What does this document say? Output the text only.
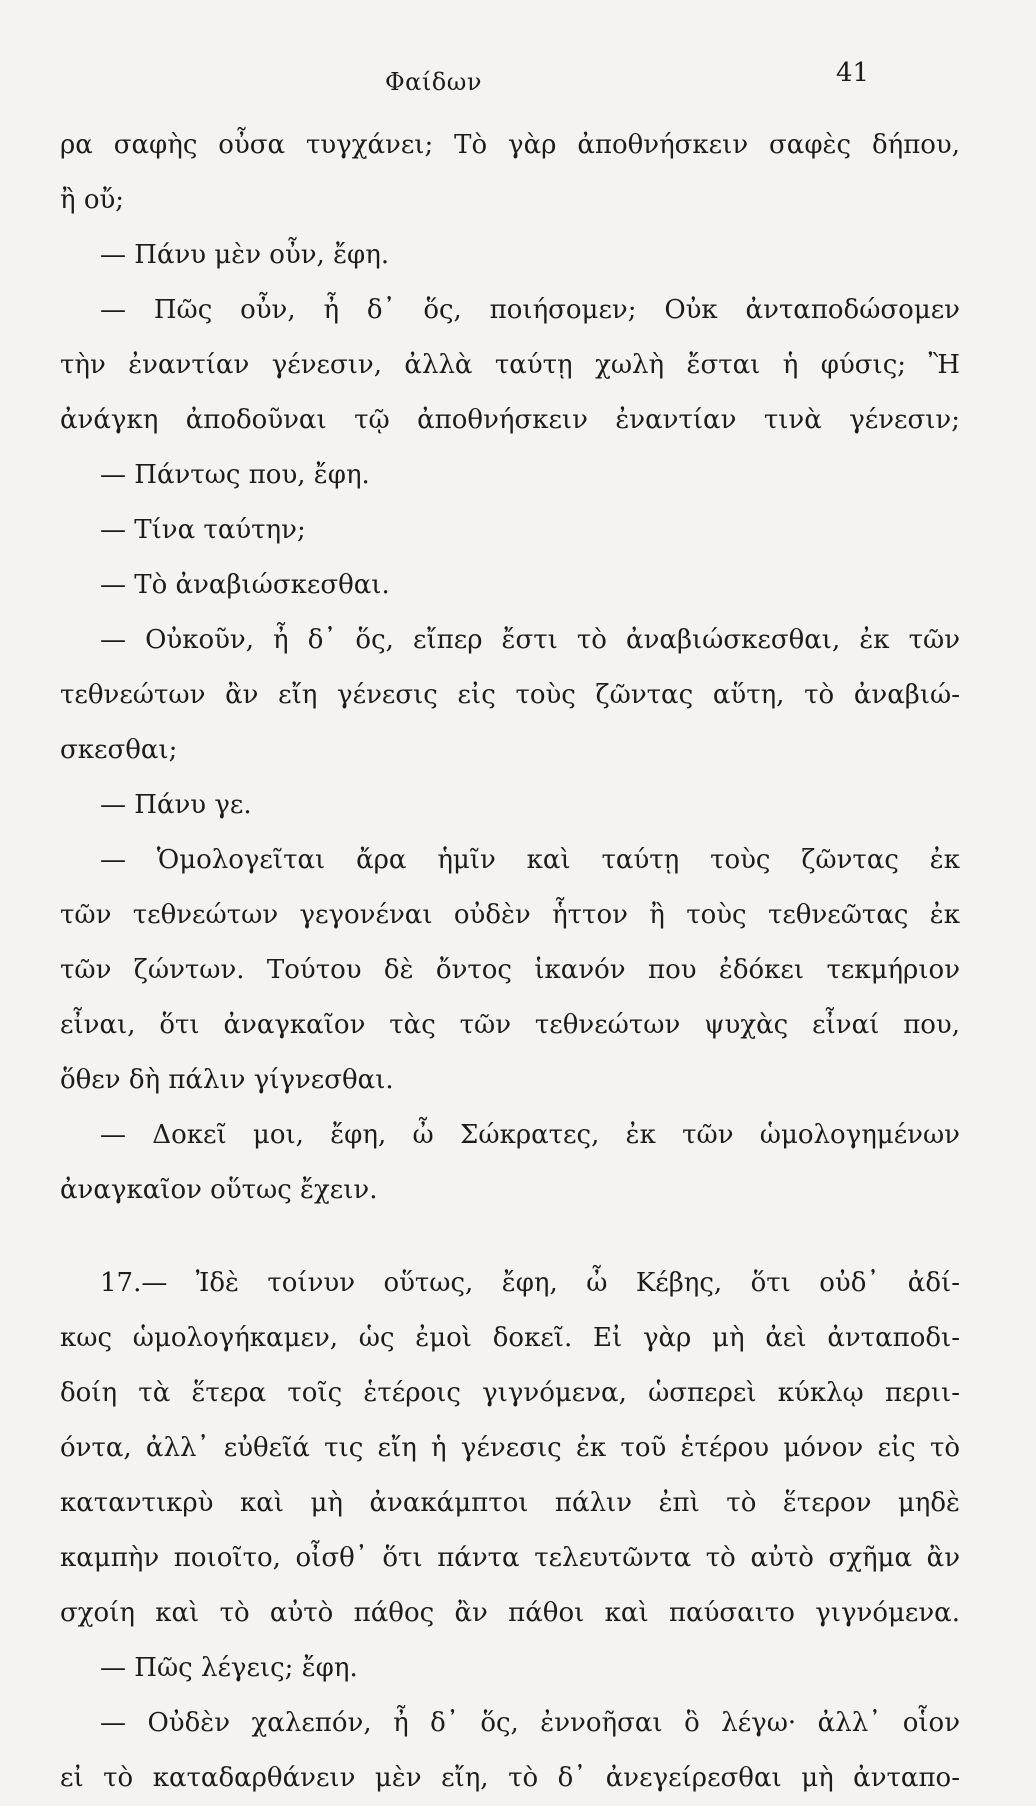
Φαίδων	41
ρα σαφὴς οὖσα τυγχάνει; Τὸ γὰρ ἀποθνήσκειν σαφὲς δήπου,
ἢ οὔ;
— Πάνυ μὲν οὖν, ἔφη.
— Πῶς οὖν, ἦ δ᾽ ὅς, ποιήσομεν; Οὐκ ἀνταποδώσομεν
τὴν ἐναντίαν γένεσιν, ἀλλὰ ταύτῃ χωλὴ ἔσται ἡ φύσις; Ἢ
ἀνάγκη ἀποδοῦναι τῷ ἀποθνήσκειν ἐναντίαν τινὰ γένεσιν;
— Πάντως που, ἔφη.
— Τίνα ταύτην;
— Τὸ ἀναβιώσκεσθαι.
— Οὐκοῦν, ἦ δ᾽ ὅς, εἴπερ ἔστι τὸ ἀναβιώσκεσθαι, ἐκ τῶν
τεθνεώτων ἂν εἴη γένεσις εἰς τοὺς ζῶντας αὕτη, τὸ ἀναβιώ-
σκεσθαι;
— Πάνυ γε.
— Ὁμολογεῖται ἄρα ἡμῖν καὶ ταύτῃ τοὺς ζῶντας ἐκ
τῶν τεθνεώτων γεγονέναι οὐδὲν ἧττον ἢ τοὺς τεθνεῶτας ἐκ
τῶν ζώντων. Τούτου δὲ ὄντος ἱκανόν που ἐδόκει τεκμήριον
εἶναι, ὅτι ἀναγκαῖον τὰς τῶν τεθνεώτων ψυχὰς εἶναί που,
ὅθεν δὴ πάλιν γίγνεσθαι.
— Δοκεῖ μοι, ἔφη, ὦ Σώκρατες, ἐκ τῶν ὡμολογημένων
ἀναγκαῖον οὕτως ἔχειν.
17.— Ἰδὲ τοίνυν οὕτως, ἔφη, ὦ Κέβης, ὅτι οὐδ᾽ ἀδί-
κως ὡμολογήκαμεν, ὡς ἐμοὶ δοκεῖ. Εἰ γὰρ μὴ ἀεὶ ἀνταποδι-
δοίη τὰ ἕτερα τοῖς ἑτέροις γιγνόμενα, ὡσπερεὶ κύκλῳ περιι-
όντα, ἀλλ᾽ εὐθεῖά τις εἴη ἡ γένεσις ἐκ τοῦ ἑτέρου μόνον εἰς τὸ
καταντικρὺ καὶ μὴ ἀνακάμπτοι πάλιν ἐπὶ τὸ ἕτερον μηδὲ
καμπὴν ποιοῖτο, οἶσθ᾽ ὅτι πάντα τελευτῶντα τὸ αὐτὸ σχῆμα ἂν
σχοίη καὶ τὸ αὐτὸ πάθος ἂν πάθοι καὶ παύσαιτο γιγνόμενα.
— Πῶς λέγεις; ἔφη.
— Οὐδὲν χαλεπόν, ἦ δ᾽ ὅς, ἐννοῆσαι ὃ λέγω· ἀλλ᾽ οἷον
εἰ τὸ καταδαρθάνειν μὲν εἴη, τὸ δ᾽ ἀνεγείρεσθαι μὴ ἀνταπο-
